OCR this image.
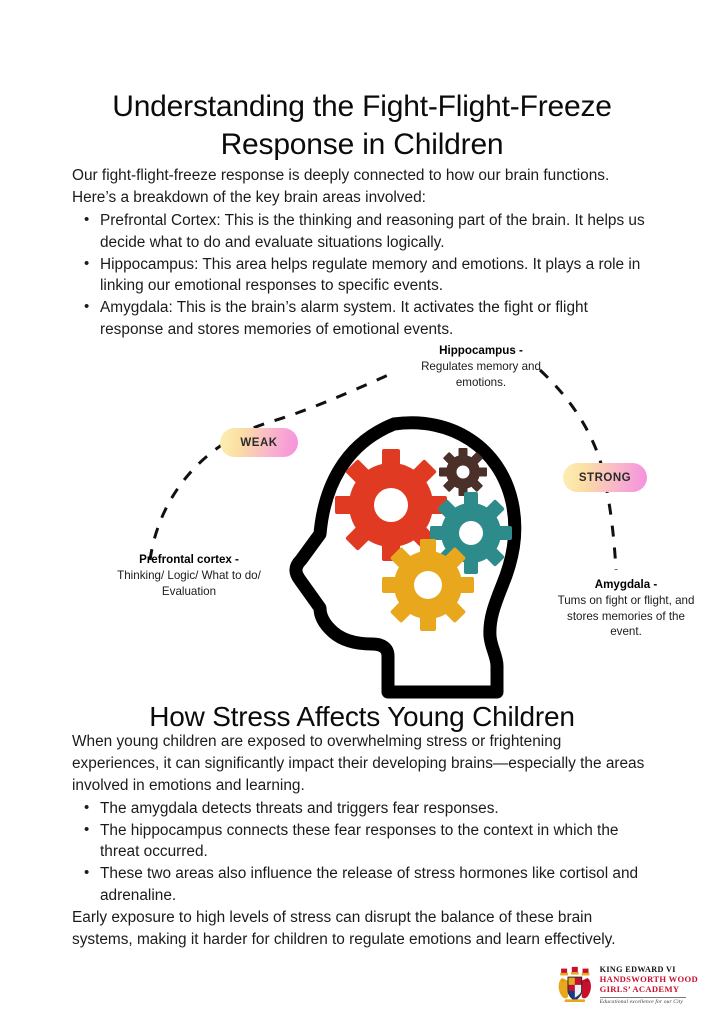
Understanding the Fight-Flight-Freeze Response in Children

Our fight-flight-freeze response is deeply connected to how our brain functions. Here’s a breakdown of the key brain areas involved:

• Prefrontal Cortex: This is the thinking and reasoning part of the brain. It helps us decide what to do and evaluate situations logically.
• Hippocampus: This area helps regulate memory and emotions. It plays a role in linking our emotional responses to specific events.
• Amygdala: This is the brain’s alarm system. It activates the fight or flight response and stores memories of emotional events.
WEAK
STRONG
Hippocampus -
Regulates memory and emotions.
Prefrontal cortex -
Thinking/ Logic/ What to do/ Evaluation
Amygdala -
Tums on fight or flight, and stores memories of the event.
How Stress Affects Young Children

When young children are exposed to overwhelming stress or frightening experiences, it can significantly impact their developing brains—especially the areas involved in emotions and learning.

• The amygdala detects threats and triggers fear responses.
• The hippocampus connects these fear responses to the context in which the threat occurred.
• These two areas also influence the release of stress hormones like cortisol and adrenaline.

Early exposure to high levels of stress can disrupt the balance of these brain systems, making it harder for children to regulate emotions and learn effectively.

KING EDWARD VI
HANDSWORTH WOOD
GIRLS’ ACADEMY
Educational excellence for our City
